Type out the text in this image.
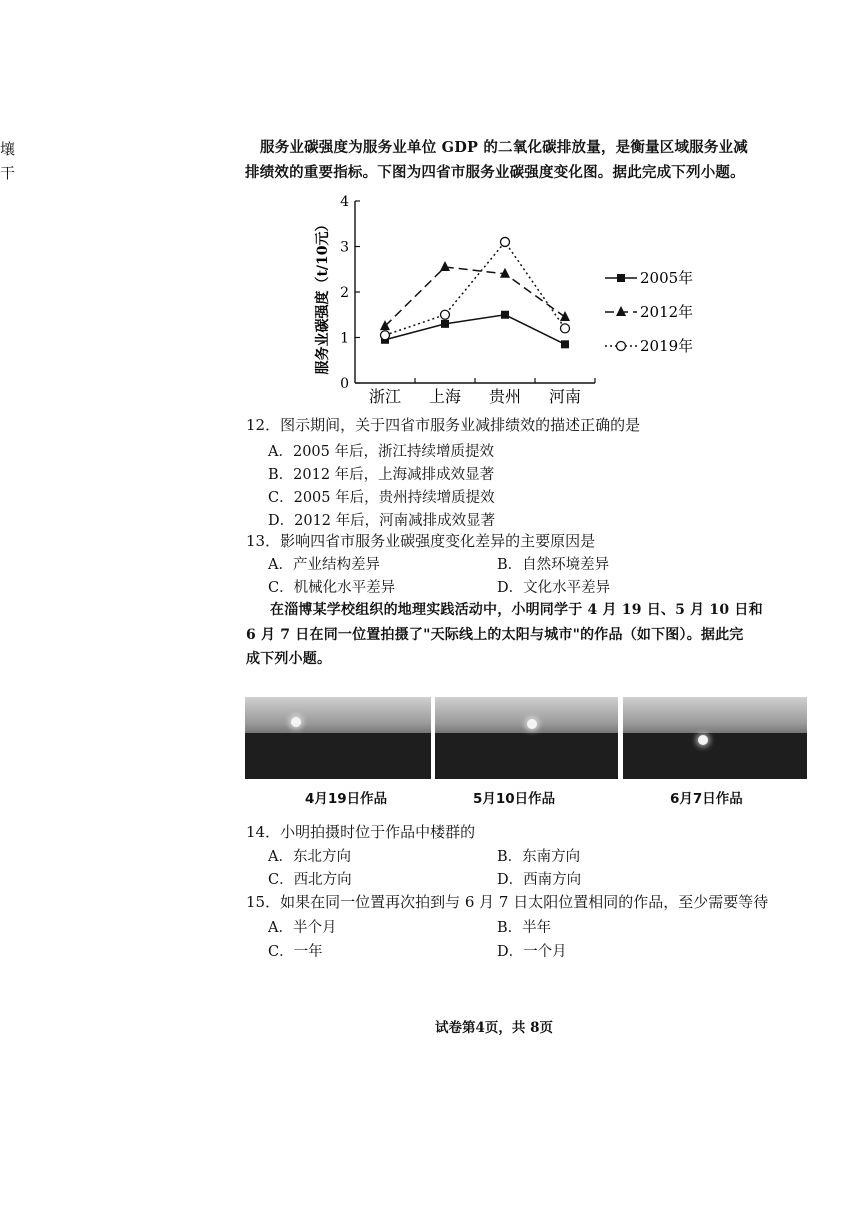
壤
干
服务业碳强度为服务业单位 GDP 的二氧化碳排放量，是衡量区域服务业减
排绩效的重要指标。下图为四省市服务业碳强度变化图。据此完成下列小题。
0
1
2
3
4
浙江 上海 贵州 河南
2005年
2012年
2019年
服务业碳强度（t/10元）
12．图示期间，关于四省市服务业减排绩效的描述正确的是
A．2005 年后，浙江持续增质提效
B．2012 年后，上海减排成效显著
C．2005 年后，贵州持续增质提效
D．2012 年后，河南减排成效显著
13．影响四省市服务业碳强度变化差异的主要原因是
A．产业结构差异	B．自然环境差异
C．机械化水平差异	D．文化水平差异
在淄博某学校组织的地理实践活动中，小明同学于 4 月 19 日、5 月 10 日和
6 月 7 日在同一位置拍摄了"天际线上的太阳与城市"的作品（如下图）。据此完
成下列小题。
4月19日作品	5月10日作品	6月7日作品
14．小明拍摄时位于作品中楼群的
A．东北方向	B．东南方向
C．西北方向	D．西南方向
15．如果在同一位置再次拍到与 6 月 7 日太阳位置相同的作品，至少需要等待
A．半个月	B．半年
C．一年	D．一个月
试卷第4页，共 8页
